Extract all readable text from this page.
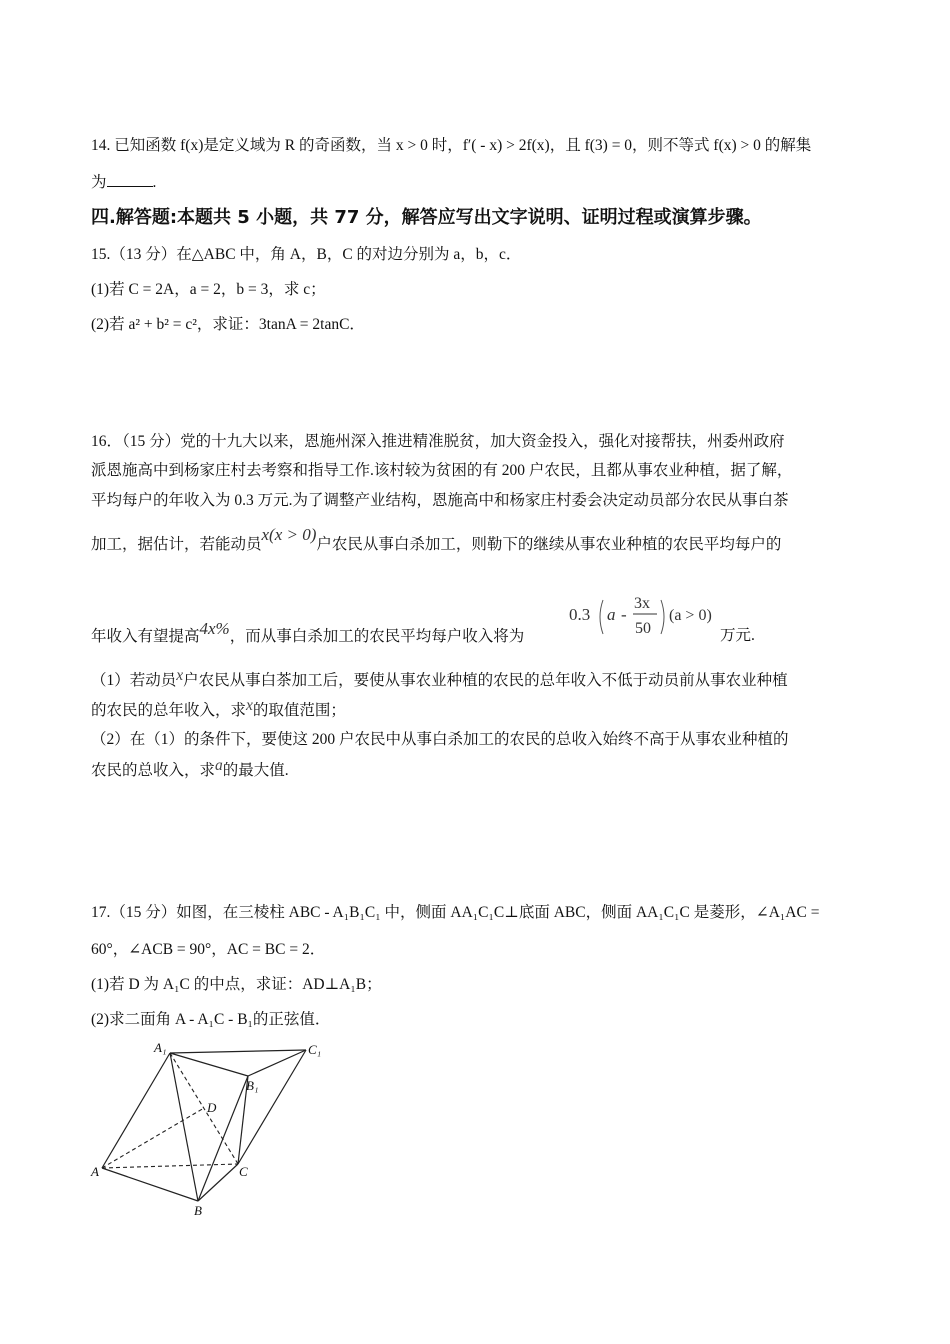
14. 已知函数 f(x)是定义域为 R 的奇函数，当 x > 0 时，f′( - x) > 2f(x)，且 f(3) = 0，则不等式 f(x) > 0 的解集
为	.
四.解答题:本题共 5 小题，共 77 分，解答应写出文字说明、证明过程或演算步骤。
15.（13 分）在△ABC 中，角 A，B，C 的对边分别为 a，b，c．
(1)若 C = 2A，a = 2，b = 3，求 c；
(2)若 a² + b² = c²，求证：3tanA = 2tanC．
16．（15 分）党的十九大以来，恩施州深入推进精准脱贫，加大资金投入，强化对接帮扶，州委州政府
派恩施高中到杨家庄村去考察和指导工作.该村较为贫困的有 200 户农民，且都从事农业种植，据了解，
平均每户的年收入为 0.3 万元.为了调整产业结构，恩施高中和杨家庄村委会决定动员部分农民从事白茶
加工，据估计，若能动员x(x > 0)户农民从事白杀加工，则勒下的继续从事农业种植的农民平均每户的
年收入有望提高4x%，而从事白杀加工的农民平均每户收入将为
0.3 a -
3x
50
(a > 0)
万元.
（1）若动员x户农民从事白茶加工后，要使从事农业种植的农民的总年收入不低于动员前从事农业种植
的农民的总年收入，求x的取值范围；
（2）在（1）的条件下，要使这 200 户农民中从事白杀加工的农民的总收入始终不高于从事农业种植的
农民的总收入，求a的最大值.
17.（15 分）如图，在三棱柱 ABC - A₁B₁C₁ 中，侧面 AA₁C₁C⊥底面 ABC，侧面 AA₁C₁C 是菱形，∠A₁AC =
60°，∠ACB = 90°，AC = BC = 2．
(1)若 D 为 A₁C 的中点，求证：AD⊥A₁B；
(2)求二面角 A - A₁C - B₁的正弦值．
A₁	C₁
B₁
D
A	C
B
